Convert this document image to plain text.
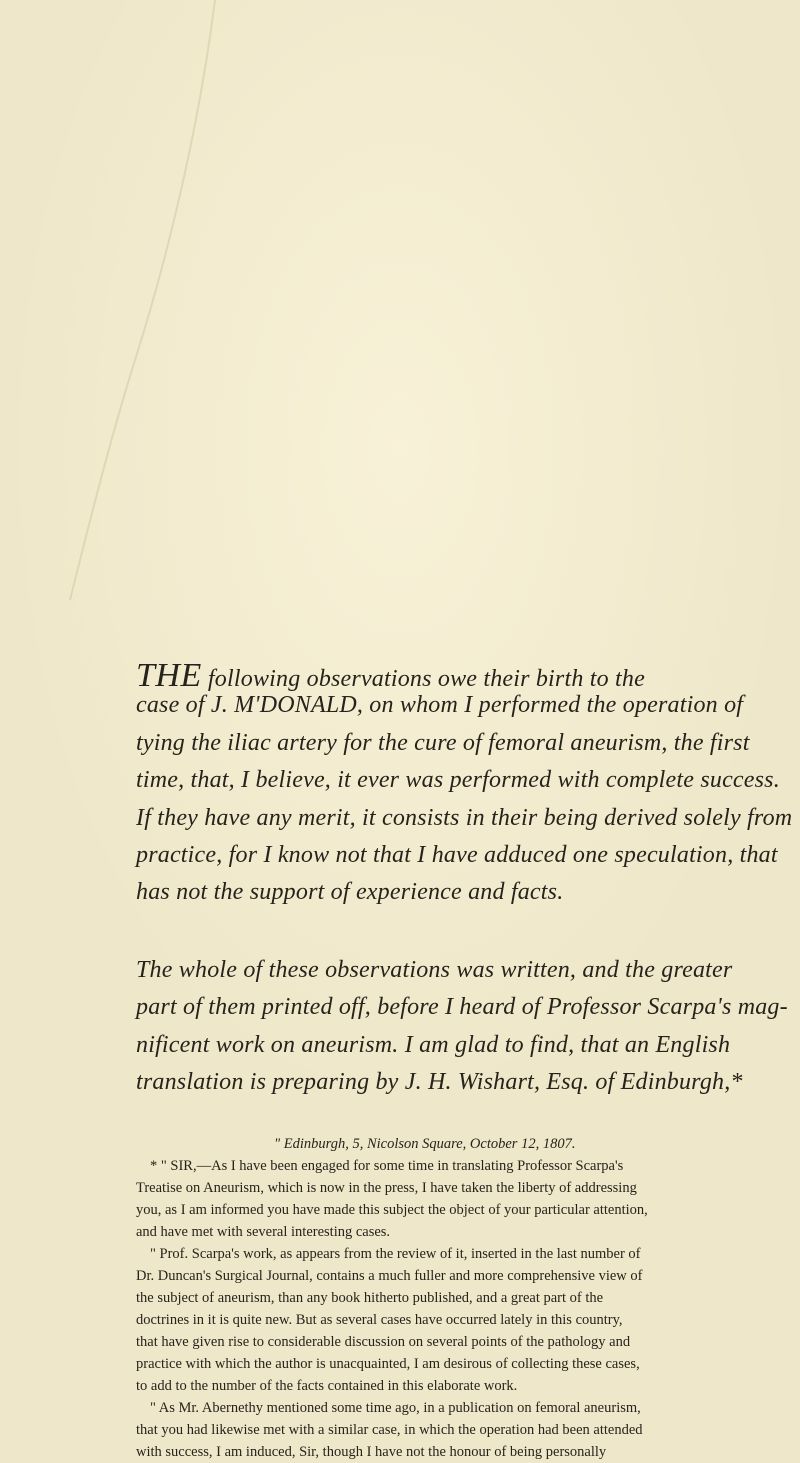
THE following observations owe their birth to the
case of J. M'DONALD, on whom I performed the operation of
tying the iliac artery for the cure of femoral aneurism, the first
time, that, I believe, it ever was performed with complete success.
If they have any merit, it consists in their being derived solely from
practice, for I know not that I have adduced one speculation, that
has not the support of experience and facts.

The whole of these observations was written, and the greater
part of them printed off, before I heard of Professor Scarpa's mag-
nificent work on aneurism. I am glad to find, that an English
translation is preparing by J. H. Wishart, Esq. of Edinburgh,*

" Edinburgh, 5, Nicolson Square, October 12, 1807.
* " SIR,—As I have been engaged for some time in translating Professor Scarpa's
Treatise on Aneurism, which is now in the press, I have taken the liberty of addressing
you, as I am informed you have made this subject the object of your particular attention,
and have met with several interesting cases.
" Prof. Scarpa's work, as appears from the review of it, inserted in the last number of
Dr. Duncan's Surgical Journal, contains a much fuller and more comprehensive view of
the subject of aneurism, than any book hitherto published, and a great part of the
doctrines in it is quite new. But as several cases have occurred lately in this country,
that have given rise to considerable discussion on several points of the pathology and
practice with which the author is unacquainted, I am desirous of collecting these cases,
to add to the number of the facts contained in this elaborate work.
" As Mr. Abernethy mentioned some time ago, in a publication on femoral aneurism,
that you had likewise met with a similar case, in which the operation had been attended
with success, I am induced, Sir, though I have not the honour of being personally
